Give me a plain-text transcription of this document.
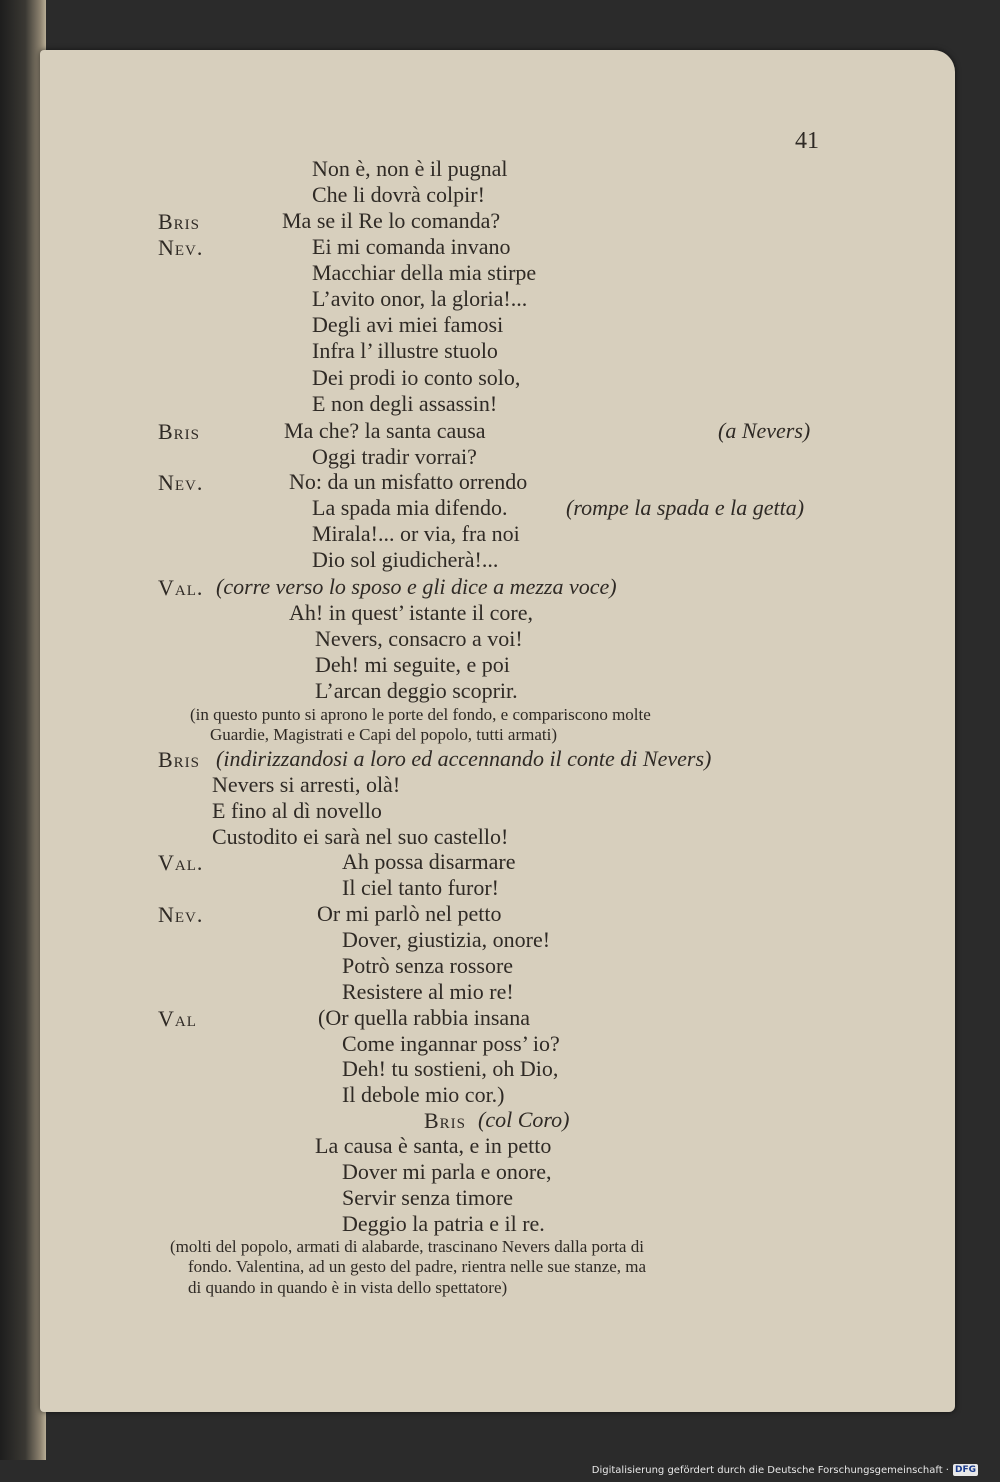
41
Non è, non è il pugnal
Che li dovrà colpir!
Bris	Ma se il Re lo comanda?
Nev.	Ei mi comanda invano
Macchiar della mia stirpe
L’avito onor, la gloria!...
Degli avi miei famosi
Infra l’ illustre stuolo
Dei prodi io conto solo,
E non degli assassin!
Bris	Ma che? la santa causa	(a Nevers)
Oggi tradir vorrai?
Nev.	No: da un misfatto orrendo
La spada mia difendo.	(rompe la spada e la getta)
Mirala!... or via, fra noi
Dio sol giudicherà!...
Val. (corre verso lo sposo e gli dice a mezza voce)
Ah! in quest’ istante il core,
Nevers, consacro a voi!
Deh! mi seguite, e poi
L’arcan deggio scoprir.
(in questo punto si aprono le porte del fondo, e compariscono molte
Guardie, Magistrati e Capi del popolo, tutti armati)
Bris (indirizzandosi a loro ed accennando il conte di Nevers)
Nevers si arresti, olà!
E fino al dì novello
Custodito ei sarà nel suo castello!
Val.	Ah possa disarmare
Il ciel tanto furor!
Nev.	Or mi parlò nel petto
Dover, giustizia, onore!
Potrò senza rossore
Resistere al mio re!
Val	(Or quella rabbia insana
Come ingannar poss’ io?
Deh! tu sostieni, oh Dio,
Il debole mio cor.)
Bris (col Coro)
La causa è santa, e in petto
Dover mi parla e onore,
Servir senza timore
Deggio la patria e il re.
(molti del popolo, armati di alabarde, trascinano Nevers dalla porta di
fondo. Valentina, ad un gesto del padre, rientra nelle sue stanze, ma
di quando in quando è in vista dello spettatore)
Digitalisierung gefördert durch die Deutsche Forschungsgemeinschaft · DFG
